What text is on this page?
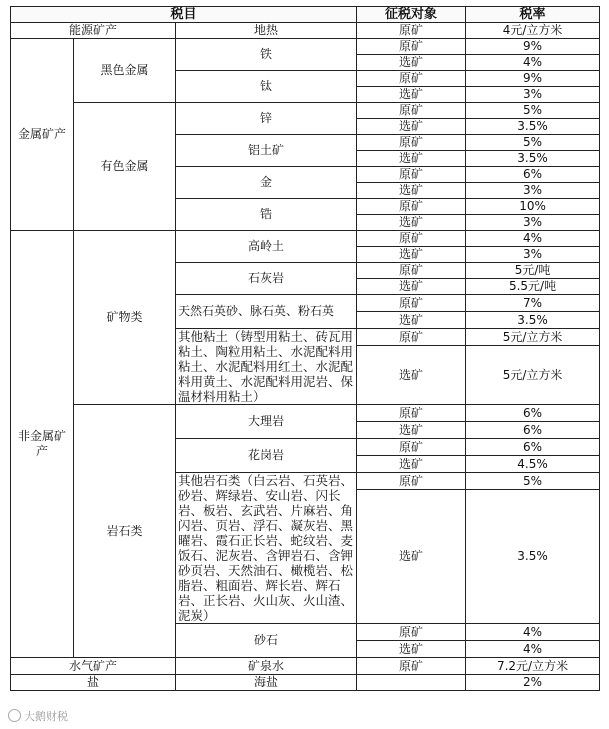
税目			征税对象	税率
能源矿产		地热	原矿	4元/立方米
金属矿产	黑色金属	铁	原矿	9%
			选矿	4%
		钛	原矿	9%
			选矿	3%
	有色金属	锌	原矿	5%
			选矿	3.5%
		铝土矿	原矿	5%
			选矿	3.5%
		金	原矿	6%
			选矿	3%
		锆	原矿	10%
			选矿	3%
非金属矿产	矿物类	高岭土	原矿	4%
			选矿	3%
		石灰岩	原矿	5元/吨
			选矿	5.5元/吨
		天然石英砂、脉石英、粉石英	原矿	7%
			选矿	3.5%
		其他粘土（铸型用粘土、砖瓦用粘土、陶粒用粘土、水泥配料用粘土、水泥配料用红土、水泥配料用黄土、水泥配料用泥岩、保温材料用粘土）	原矿	5元/立方米
			选矿	5元/立方米
	岩石类	大理岩	原矿	6%
			选矿	6%
		花岗岩	原矿	6%
			选矿	4.5%
		其他岩石类（白云岩、石英岩、砂岩、辉绿岩、安山岩、闪长岩、板岩、玄武岩、片麻岩、角闪岩、页岩、浮石、凝灰岩、黑曜岩、霞石正长岩、蛇纹岩、麦饭石、泥灰岩、含钾岩石、含钾砂页岩、天然油石、橄榄岩、松脂岩、粗面岩、辉长岩、辉石岩、正长岩、火山灰、火山渣、泥炭）	原矿	5%
			选矿	3.5%
		砂石	原矿	4%
			选矿	4%
水气矿产		矿泉水	原矿	7.2元/立方米
盐		海盐		2%
大鹅财税
